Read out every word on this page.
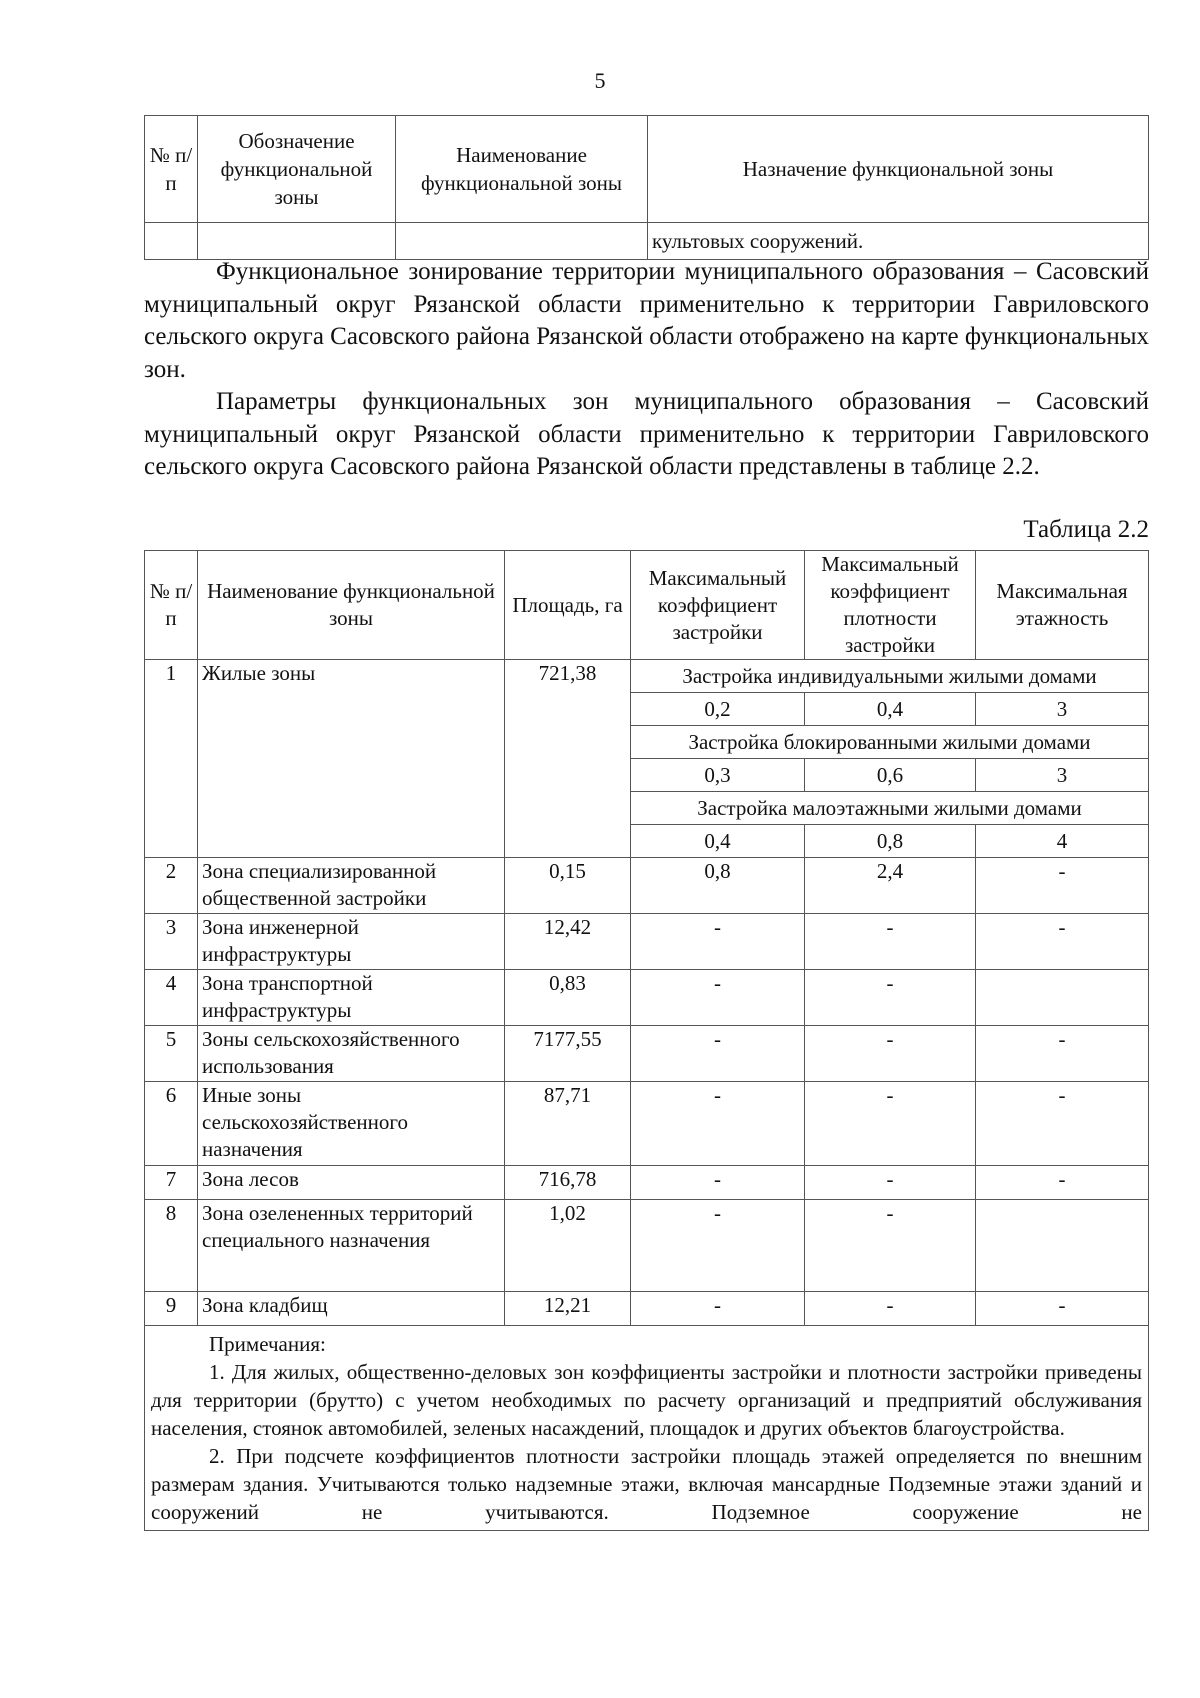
5
№ п/п	Обозначение функциональной зоны	Наименование функциональной зоны	Назначение функциональной зоны
			культовых сооружений.
Функциональное зонирование территории муниципального образования – Сасовский муниципальный округ Рязанской области применительно к территории Гавриловского сельского округа Сасовского района Рязанской области отображено на карте функциональных зон.
Параметры функциональных зон муниципального образования – Сасовский муниципальный округ Рязанской области применительно к территории Гавриловского сельского округа Сасовского района Рязанской области представлены в таблице 2.2.
Таблица 2.2
№ п/п	Наименование функциональной зоны	Площадь, га	Максимальный коэффициент застройки	Максимальный коэффициент плотности застройки	Максимальная этажность
1	Жилые зоны	721,38	Застройка индивидуальными жилыми домами		
			0,2	0,4	3
			Застройка блокированными жилыми домами		
			0,3	0,6	3
			Застройка малоэтажными жилыми домами		
			0,4	0,8	4
2	Зона специализированной общественной застройки	0,15	0,8	2,4	-
3	Зона инженерной инфраструктуры	12,42	-	-	-
4	Зона транспортной инфраструктуры	0,83	-	-	
5	Зоны сельскохозяйственного использования	7177,55	-	-	-
6	Иные зоны сельскохозяйственного назначения	87,71	-	-	-
7	Зона лесов	716,78	-	-	-
8	Зона озелененных территорий специального назначения	1,02	-	-	
9	Зона кладбищ	12,21	-	-	-

Примечания:

1. Для жилых, общественно-деловых зон коэффициенты застройки и плотности застройки приведены для территории (брутто) с учетом необходимых по расчету организаций и предприятий обслуживания населения, стоянок автомобилей, зеленых насаждений, площадок и других объектов благоустройства.

2. При подсчете коэффициентов плотности застройки площадь этажей определяется по внешним размерам здания. Учитываются только надземные этажи, включая мансардные Подземные этажи зданий и сооружений не учитываются. Подземное сооружение не					
